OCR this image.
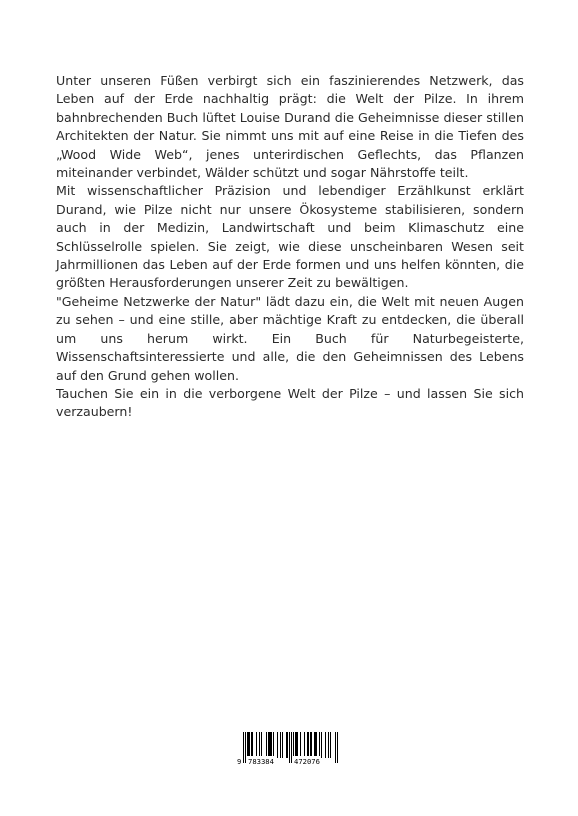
Unter unseren Füßen verbirgt sich ein faszinierendes Netzwerk, das Leben auf der Erde nachhaltig prägt: die Welt der Pilze. In ihrem bahnbrechenden Buch lüftet Louise Durand die Geheimnisse dieser stillen Architekten der Natur. Sie nimmt uns mit auf eine Reise in die Tiefen des „Wood Wide Web“, jenes unterirdischen Geflechts, das Pflanzen miteinander verbindet, Wälder schützt und sogar Nährstoffe teilt.

Mit wissenschaftlicher Präzision und lebendiger Erzählkunst erklärt Durand, wie Pilze nicht nur unsere Ökosysteme stabilisieren, sondern auch in der Medizin, Landwirtschaft und beim Klimaschutz eine Schlüsselrolle spielen. Sie zeigt, wie diese unscheinbaren Wesen seit Jahrmillionen das Leben auf der Erde formen und uns helfen könnten, die größten Herausforderungen unserer Zeit zu bewältigen.

"Geheime Netzwerke der Natur" lädt dazu ein, die Welt mit neuen Augen zu sehen – und eine stille, aber mächtige Kraft zu entdecken, die überall um uns herum wirkt. Ein Buch für Naturbegeisterte, Wissenschaftsinteressierte und alle, die den Geheimnissen des Lebens auf den Grund gehen wollen.

Tauchen Sie ein in die verborgene Welt der Pilze – und lassen Sie sich verzaubern!

9 783384	472076
